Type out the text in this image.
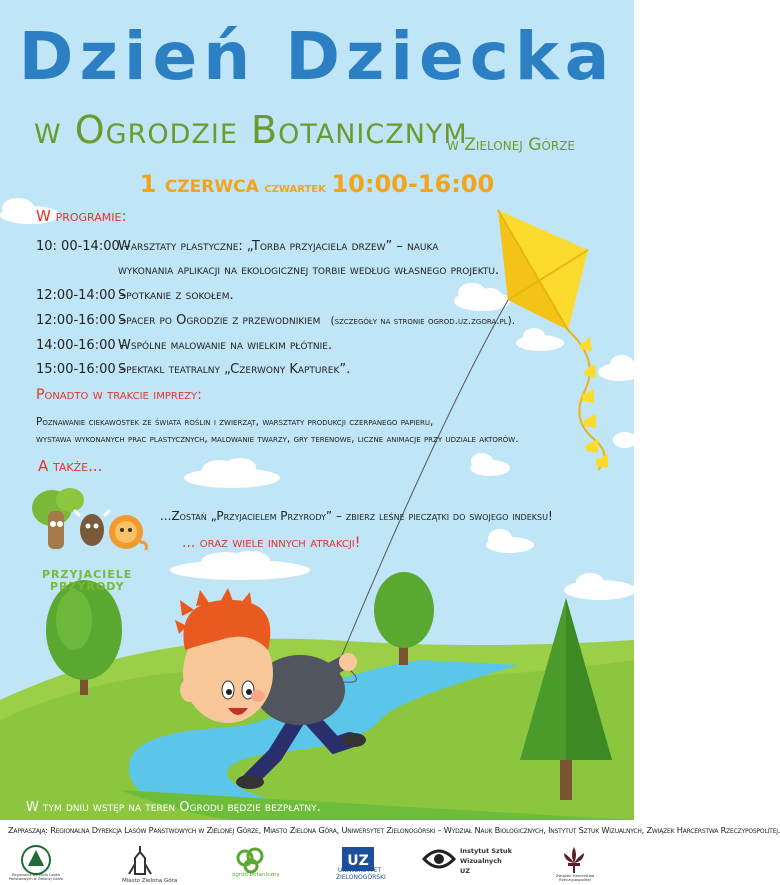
Dzień Dziecka
w Ogrodzie Botanicznym
w Zielonej Górze
1 czerwca czwartek 10:00-16:00
W programie:
10: 00-14:00 –Warsztaty plastyczne: „Torba przyjaciela drzew” – nauka
wykonania aplikacji na ekologicznej torbie według własnego projektu.
12:00-14:00 –Spotkanie z sokołem.
12:00-16:00 –Spacer po Ogrodzie z przewodnikiem (szczegóły na stronie ogrod.uz.zgora.pl).
14:00-16:00 –Wspólne malowanie na wielkim płótnie.
15:00-16:00 –Spektakl teatralny „Czerwony Kapturek”.
Ponadto w trakcie imprezy:
Poznawanie ciekawostek ze świata roślin i zwierząt, warsztaty produkcji czerpanego papieru,
wystawa wykonanych prac plastycznych, malowanie twarzy, gry terenowe, liczne animacje przy udziale aktorów.
A także...
PRZYJACIELE
PRZYRODY
...Zostań „Przyjacielem Przyrody” – zbierz leśne pieczątki do swojego indeksu!
... oraz wiele innych atrakcji!
W tym dniu wstęp na teren Ogrodu będzie bezpłatny.
Zapraszają: Regionalna Dyrekcja Lasów Państwowych w Zielonej Górze, Miasto Zielona Góra, Uniwersytet Zielonogórski – Wydział Nauk Biologicznych, Instytut Sztuk Wizualnych, Związek Harcerstwa Rzeczypospolitej.
Regionalna Dyrekcja Lasów Państwowych w Zielonej Górze	Miasto Zielona Góra
ogród botaniczny
UZ
UNIWERSYTET
ZIELONOGÓRSKI
Instytut Sztuk
Wizualnych
UZ
Związek Harcerstwa Rzeczypospolitej
